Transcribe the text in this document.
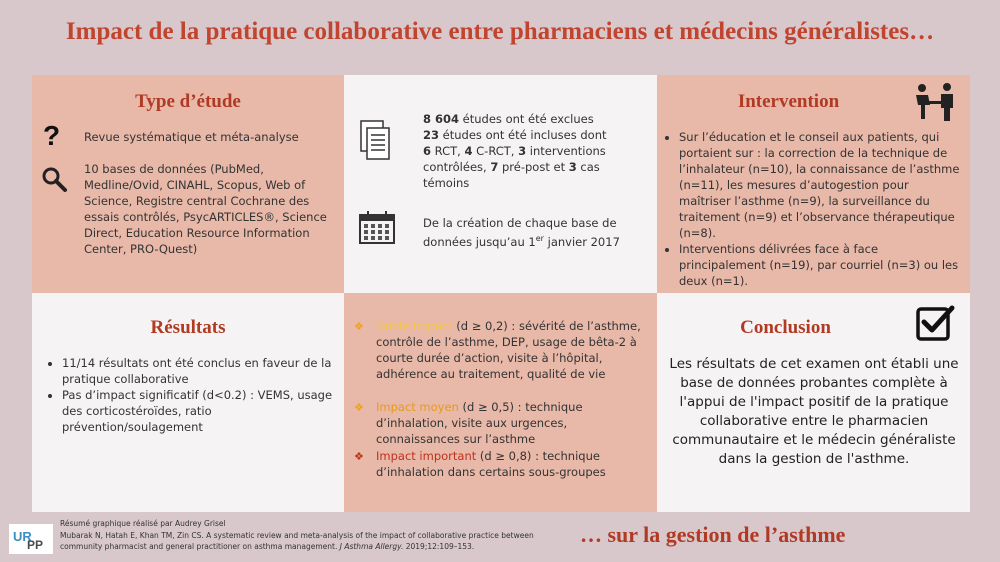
Impact de la pratique collaborative entre pharmaciens et médecins généralistes…
Type d’étude
? Revue systématique et méta-analyse
10 bases de données (PubMed, Medline/Ovid, CINAHL, Scopus, Web of Science, Registre central Cochrane des essais contrôlés, PsycARTICLES®, Science Direct, Education Resource Information Center, PRO-Quest)
8 604 études ont été exclues
23 études ont été incluses dont
6 RCT, 4 C-RCT, 3 interventions
contrôlées, 7 pré-post et 3 cas
témoins
De la création de chaque base de
données jusqu’au 1er janvier 2017
Intervention
• Sur l’éducation et le conseil aux patients, qui portaient sur : la correction de la technique de l’inhalateur (n=10), la connaissance de l’asthme (n=11), les mesures d’autogestion pour maîtriser l’asthme (n=9), la surveillance du traitement (n=9) et l’observance thérapeutique (n=8).
• Interventions délivrées face à face principalement (n=19), par courriel (n=3) ou les deux (n=1).
Résultats
• 11/14 résultats ont été conclus en faveur de la pratique collaborative
• Pas d’impact significatif (d<0.2) : VEMS, usage des corticostéroïdes, ratio prévention/soulagement
❖ Faible impact (d ≥ 0,2) : sévérité de l’asthme, contrôle de l’asthme, DEP, usage de bêta-2 à courte durée d’action, visite à l’hôpital, adhérence au traitement, qualité de vie
❖ Impact moyen (d ≥ 0,5) : technique d’inhalation, visite aux urgences, connaissances sur l’asthme
❖ Impact important (d ≥ 0,8) : technique d’inhalation dans certains sous-groupes
Conclusion
Les résultats de cet examen ont établi une base de données probantes complète à l'appui de l'impact positif de la pratique collaborative entre le pharmacien communautaire et le médecin généraliste dans la gestion de l'asthme.
UR
PP
Résumé graphique réalisé par Audrey Grisel
Mubarak N, Hatah E, Khan TM, Zin CS. A systematic review and meta-analysis of the impact of collaborative practice between community pharmacist and general practitioner on asthma management. J Asthma Allergy. 2019;12:109–153.	… sur la gestion de l’asthme
